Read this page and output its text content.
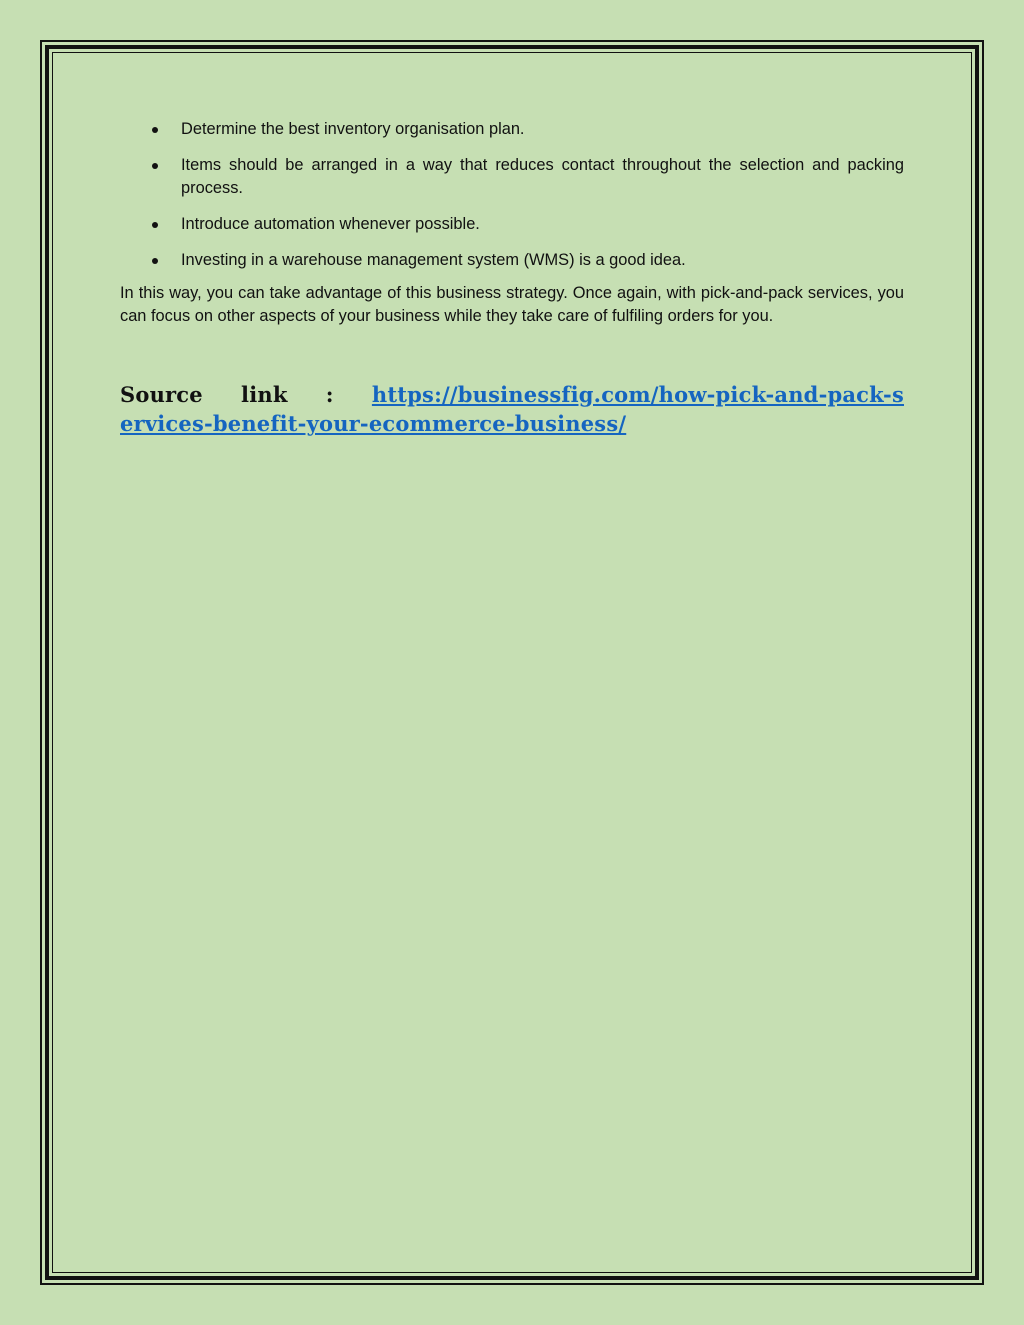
Determine the best inventory organisation plan.
Items should be arranged in a way that reduces contact throughout the selection and packing process.
Introduce automation whenever possible.
Investing in a warehouse management system (WMS) is a good idea.

In this way, you can take advantage of this business strategy. Once again, with pick-and-pack services, you can focus on other aspects of your business while they take care of fulfiling orders for you.

Source link : https://businessfig.com/how-pick-and-pack-services-benefit-your-ecommerce-business/
